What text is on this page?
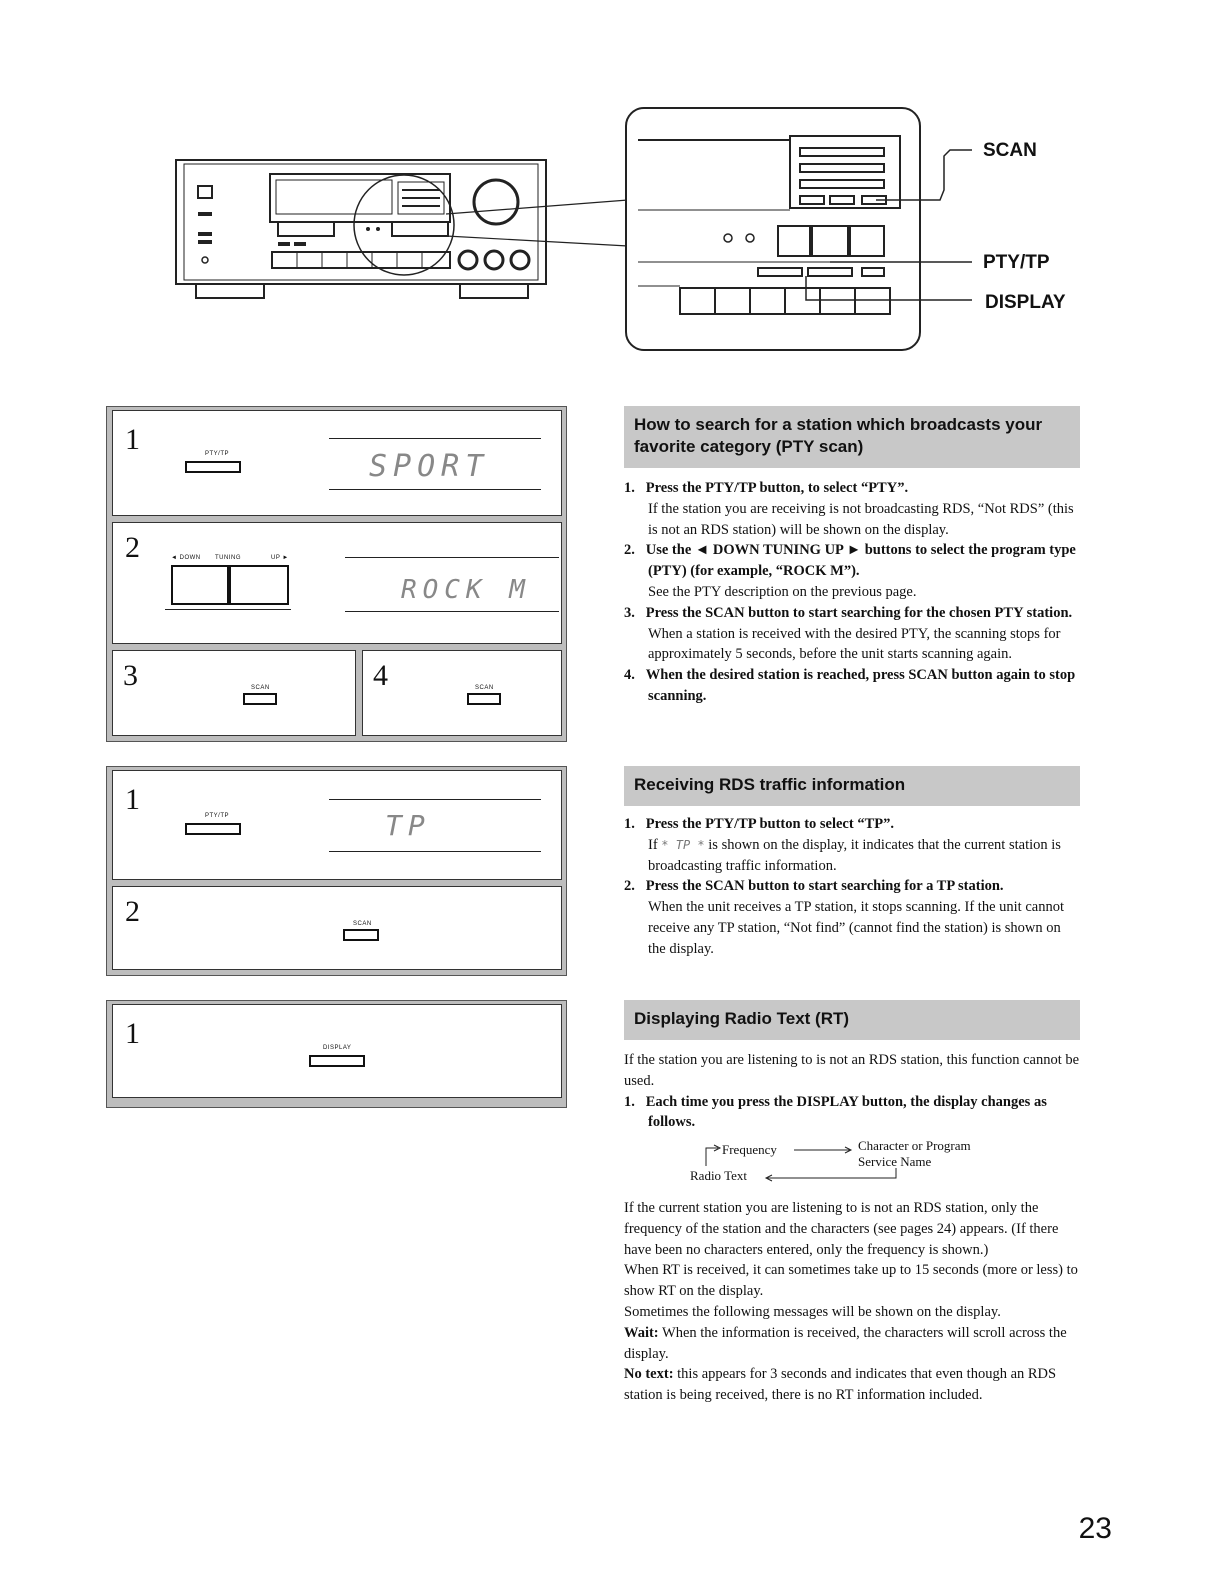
SCAN
PTY/TP
DISPLAY
1	PTY/TP	SPORT
2	◄ DOWN TUNING	UP ►
ROCK M
3	SCAN	4	SCAN
1	PTY/TP	TP
2	SCAN
1	DISPLAY
How to search for a station which broadcasts your favorite category (PTY scan)

1. Press the PTY/TP button, to select “PTY”.
If the station you are receiving is not broadcasting RDS, “Not RDS” (this is not an RDS station) will be shown on the display.

2. Use the ◄ DOWN TUNING UP ► buttons to select the program type (PTY) (for example, “ROCK M”).
See the PTY description on the previous page.

3. Press the SCAN button to start searching for the chosen PTY station. When a station is received with the desired PTY, the scanning stops for approximately 5 seconds, before the unit starts scanning again.

4. When the desired station is reached, press SCAN button again to stop scanning.

Receiving RDS traffic information

1. Press the PTY/TP button to select “TP”.
If * TP * is shown on the display, it indicates that the current station is broadcasting traffic information.

2. Press the SCAN button to start searching for a TP station.
When the unit receives a TP station, it stops scanning. If the unit cannot receive any TP station, “Not find” (cannot find the station) is shown on the display.

Displaying Radio Text (RT)

If the station you are listening to is not an RDS station, this function cannot be used.

1. Each time you press the DISPLAY button, the display changes as follows.

Frequency	Character or Program
Service Name
Radio Text

If the current station you are listening to is not an RDS station, only the frequency of the station and the characters (see pages 24) appears. (If there have been no characters entered, only the frequency is shown.)

When RT is received, it can sometimes take up to 15 seconds (more or less) to show RT on the display.

Sometimes the following messages will be shown on the display.

Wait: When the information is received, the characters will scroll across the display.

No text: this appears for 3 seconds and indicates that even though an RDS station is being received, there is no RT information included.

23
